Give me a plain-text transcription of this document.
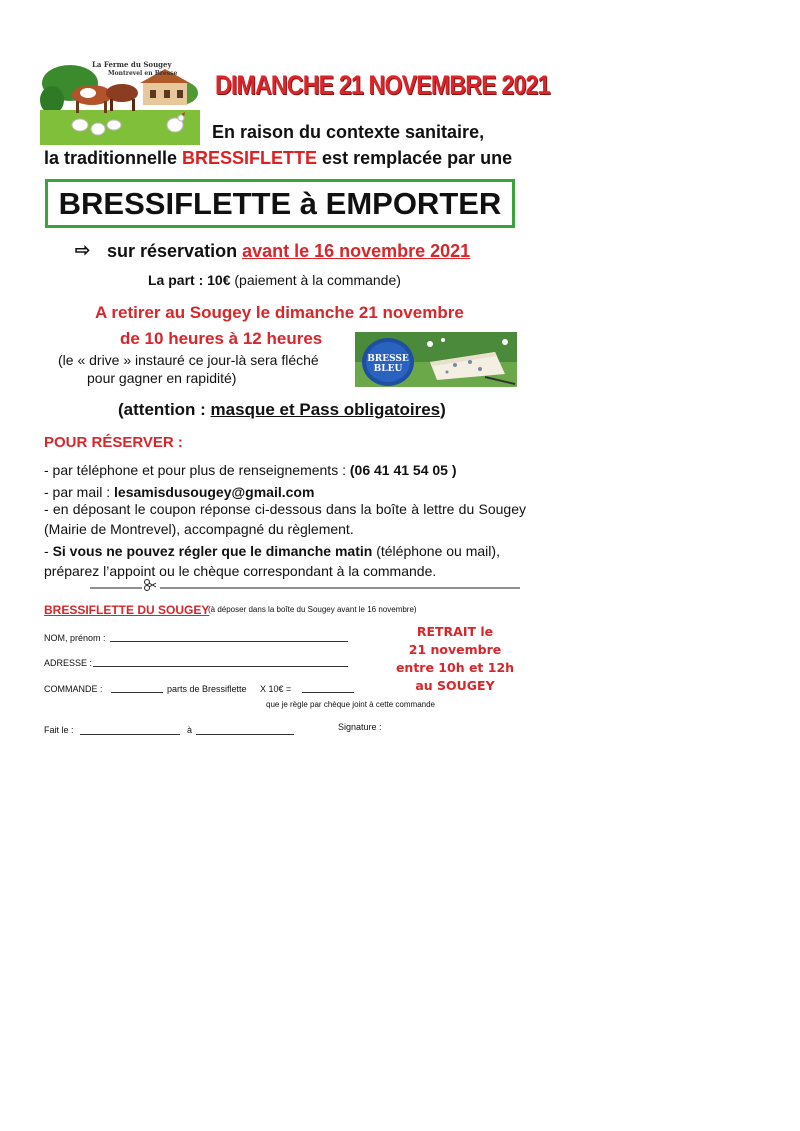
La Ferme du Sougey
Montrevel en Bresse DIMANCHE 21 NOVEMBRE 2021
En raison du contexte sanitaire,
la traditionnelle BRESSIFLETTE est remplacée par une
BRESSIFLETTE à EMPORTER
⇨ sur réservation avant le 16 novembre 2021
La part : 10€ (paiement à la commande)
A retirer au Sougey le dimanche 21 novembre
de 10 heures à 12 heures
(le « drive » instauré ce jour-là sera fléché
pour gagner en rapidité)
BRESSE
BLEU
(attention : masque et Pass obligatoires)
POUR RÉSERVER :
- par téléphone et pour plus de renseignements : (06 41 41 54 05 )
- par mail : lesamisdusougey@gmail.com
- en déposant le coupon réponse ci-dessous dans la boîte à lettre du Sougey (Mairie de Montrevel), accompagné du règlement.
- Si vous ne pouvez régler que le dimanche matin (téléphone ou mail), préparez l’appoint ou le chèque correspondant à la commande.
BRESSIFLETTE DU SOUGEY
(à déposer dans la boîte du Sougey avant le 16 novembre)
NOM, prénom :
ADRESSE :
COMMANDE :	parts de Bressiflette X 10€ =
que je règle par chèque joint à cette commande
Fait le :	à	Signature :
RETRAIT le
21 novembre
entre 10h et 12h
au SOUGEY
